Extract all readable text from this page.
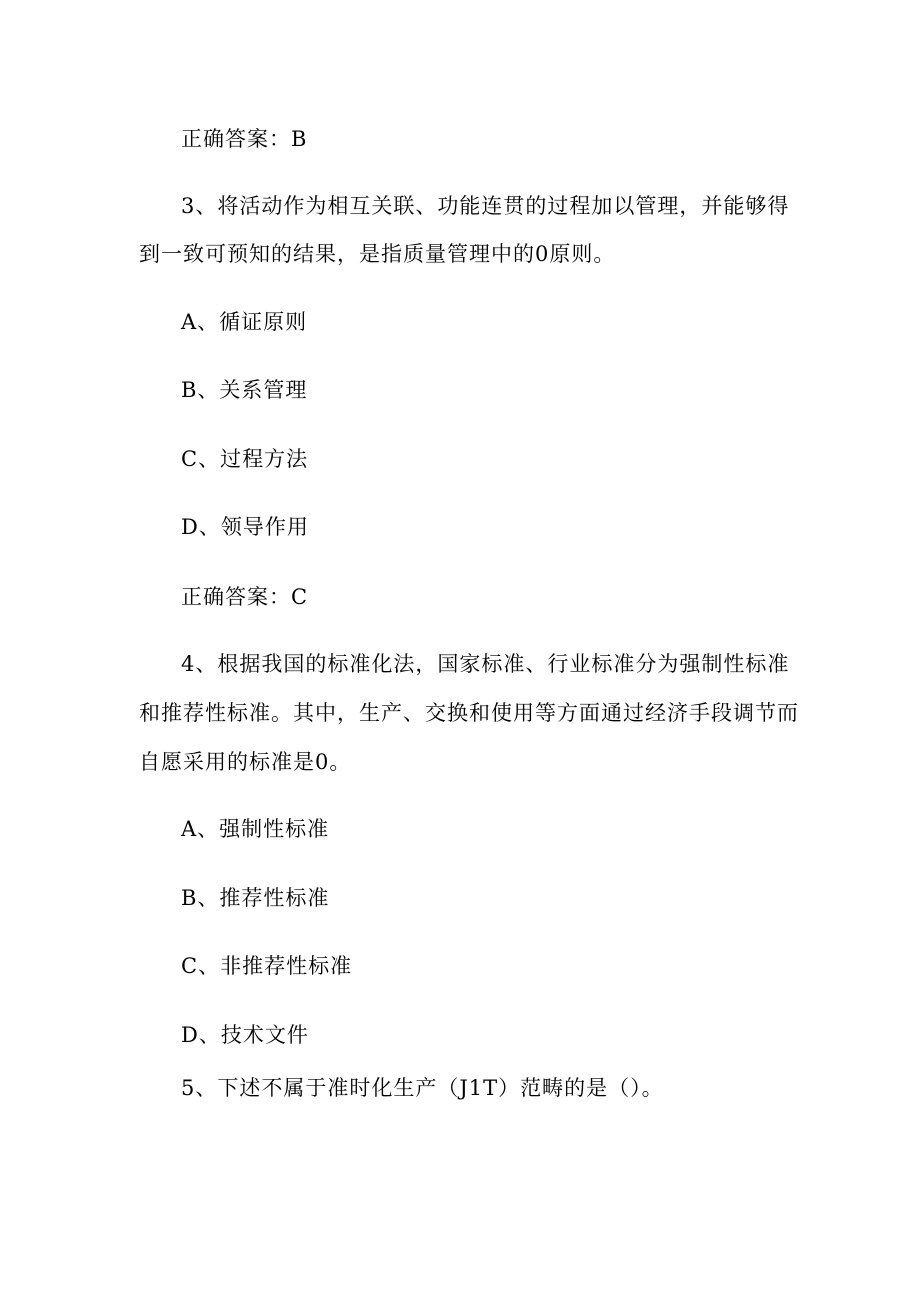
正确答案：B
3、将活动作为相互关联、功能连贯的过程加以管理，并能够得
到一致可预知的结果，是指质量管理中的0原则。
A、循证原则
B、关系管理
C、过程方法
D、领导作用
正确答案：C
4、根据我国的标准化法，国家标准、行业标准分为强制性标准
和推荐性标准。其中，生产、交换和使用等方面通过经济手段调节而
自愿采用的标准是0。
A、强制性标准
B、推荐性标准
C、非推荐性标准
D、技术文件
5、下述不属于准时化生产（J1T）范畴的是（）。
